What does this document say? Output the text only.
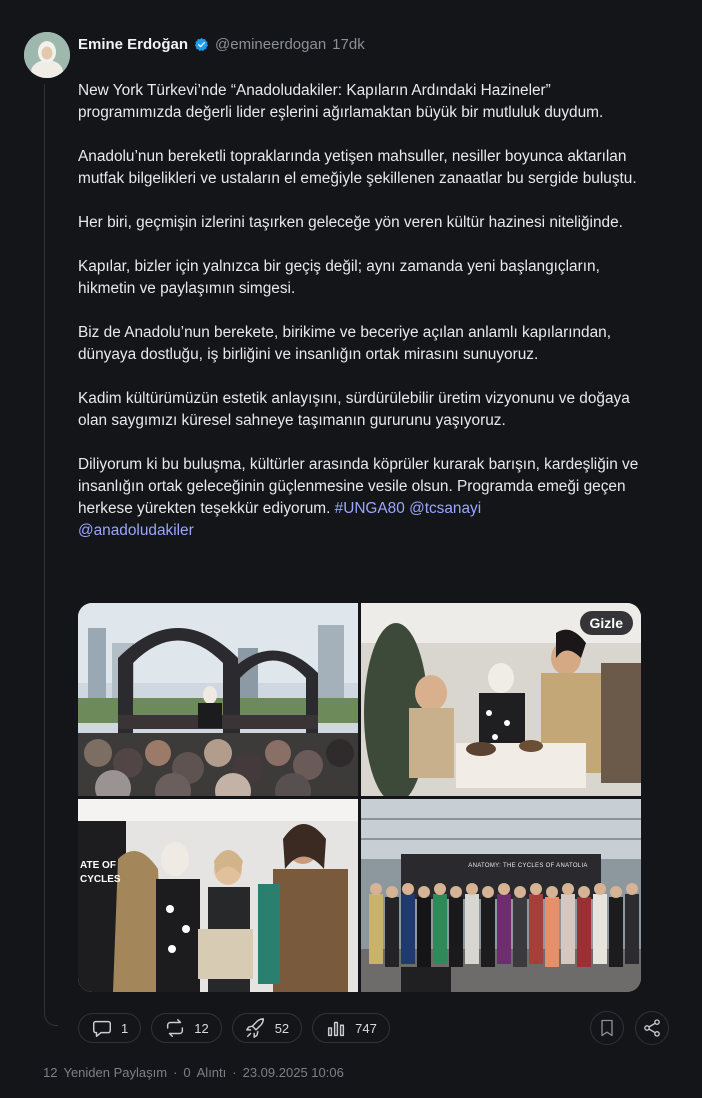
Emine Erdoğan @emineerdogan 17dk

New York Türkevi’nde “Anadoludakiler: Kapıların Ardındaki Hazineler” programımızda değerli lider eşlerini ağırlamaktan büyük bir mutluluk duydum.

Anadolu’nun bereketli topraklarında yetişen mahsuller, nesiller boyunca aktarılan mutfak bilgelikleri ve ustaların el emeğiyle şekillenen zanaatlar bu sergide buluştu.

Her biri, geçmişin izlerini taşırken geleceğe yön veren kültür hazinesi niteliğinde.

Kapılar, bizler için yalnızca bir geçiş değil; aynı zamanda yeni başlangıçların, hikmetin ve paylaşımın simgesi.

Biz de Anadolu’nun berekete, birikime ve beceriye açılan anlamlı kapılarından, dünyaya dostluğu, iş birliğini ve insanlığın ortak mirasını sunuyoruz.

Kadim kültürümüzün estetik anlayışını, sürdürülebilir üretim vizyonunu ve doğaya olan saygımızı küresel sahneye taşımanın gururunu yaşıyoruz.

Diliyorum ki bu buluşma, kültürler arasında köprüler kurarak barışın, kardeşliğin ve insanlığın ortak geleceğinin güçlenmesine vesile olsun. Programda emeği geçen herkese yürekten teşekkür ediyorum. #UNGA80 @tcsanayi
@anadoludakiler

Gizle
ATE OF CYCLES
ANATOMY: THE CYCLES OF ANATOLIA
1	12	52	747
12 Yeniden Paylaşım · 0 Alıntı · 23.09.2025 10:06
